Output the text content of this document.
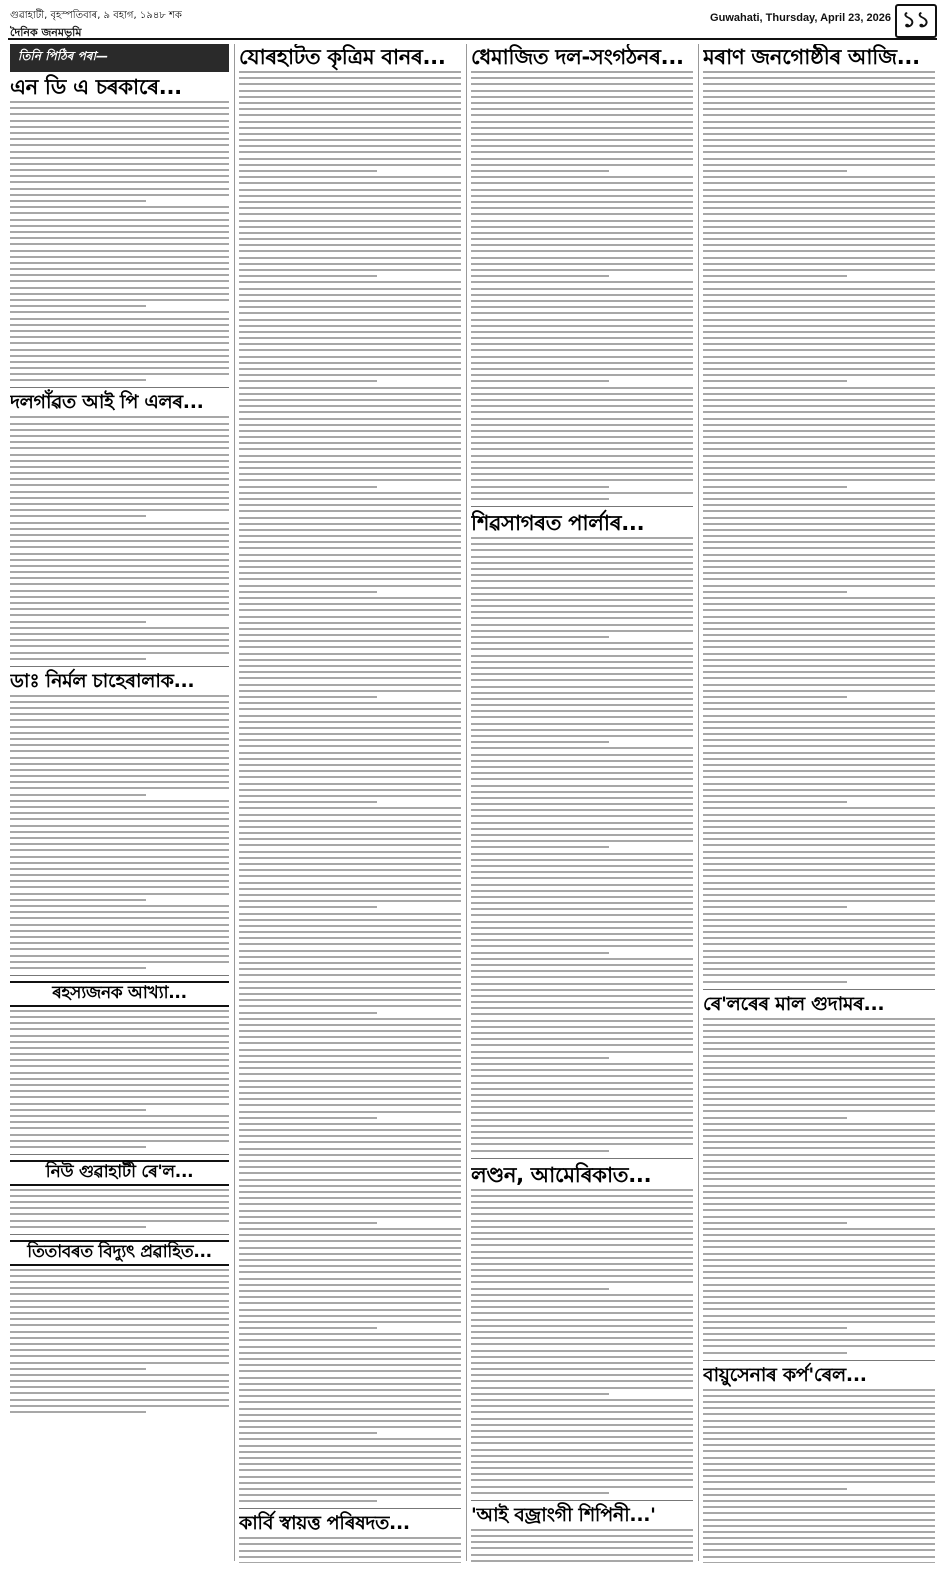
গুৱাহাটী, বৃহস্পতিবাৰ, ৯ বহাগ, ১৯৪৮ শক
দৈনিক জনমভূমি
Guwahati, Thursday, April 23, 2026 ১১
তিনি পিঠিৰ পৰা—
এন ডি এ চৰকাৰে...
দলগাঁৱত আই পি এলৰ...
ডাঃ নিৰ্মল চাহেৰালাক...
ৰহস্যজনক আখ্যা...
নিউ গুৱাহাটী ৰে'ল...
তিতাবৰত বিদ্যুৎ প্ৰৱাহিত...
যোৰহাটত কৃত্ৰিম বানৰ...
কাৰ্বি স্বায়ত্ত পৰিষদত...
ধেমাজিত দল-সংগঠনৰ...
শিৱসাগৰত পাৰ্লাৰ...
লণ্ডন, আমেৰিকাত...
'আই বজ্ৰাংগী শিপিনী...'
মৰাণ জনগোষ্ঠীৰ আজি...
ৰে'লৰেৰ মাল গুদামৰ...
বায়ুসেনাৰ কৰ্প'ৰেল...
